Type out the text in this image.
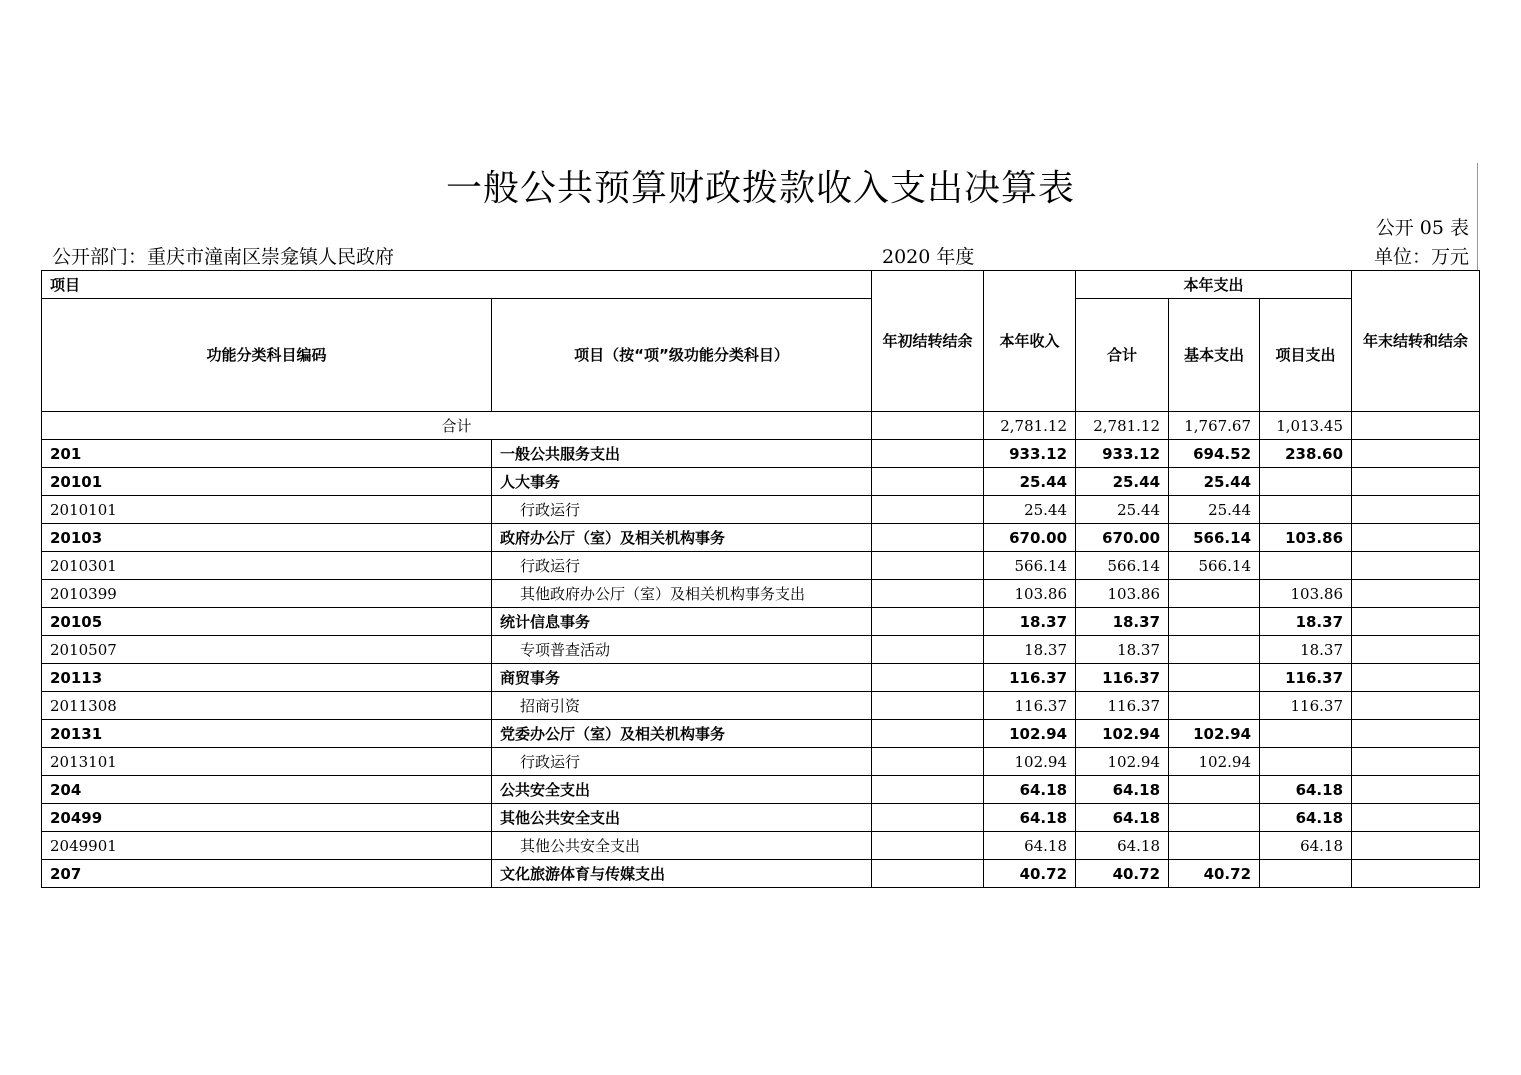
一般公共预算财政拨款收入支出决算表
公开 05 表
公开部门：重庆市潼南区崇龛镇人民政府	2020 年度	单位：万元
项目		年初结转结余	本年收入	本年支出			年末结转和结余
功能分类科目编码	项目（按“项”级功能分类科目）			合计	基本支出	项目支出	
合计			2,781.12	2,781.12	1,767.67	1,013.45	
201	一般公共服务支出		933.12	933.12	694.52	238.60	
20101	人大事务		25.44	25.44	25.44		
2010101	行政运行		25.44	25.44	25.44		
20103	政府办公厅（室）及相关机构事务		670.00	670.00	566.14	103.86	
2010301	行政运行		566.14	566.14	566.14		
2010399	其他政府办公厅（室）及相关机构事务支出		103.86	103.86		103.86	
20105	统计信息事务		18.37	18.37		18.37	
2010507	专项普查活动		18.37	18.37		18.37	
20113	商贸事务		116.37	116.37		116.37	
2011308	招商引资		116.37	116.37		116.37	
20131	党委办公厅（室）及相关机构事务		102.94	102.94	102.94		
2013101	行政运行		102.94	102.94	102.94		
204	公共安全支出		64.18	64.18		64.18	
20499	其他公共安全支出		64.18	64.18		64.18	
2049901	其他公共安全支出		64.18	64.18		64.18	
207	文化旅游体育与传媒支出		40.72	40.72	40.72		
